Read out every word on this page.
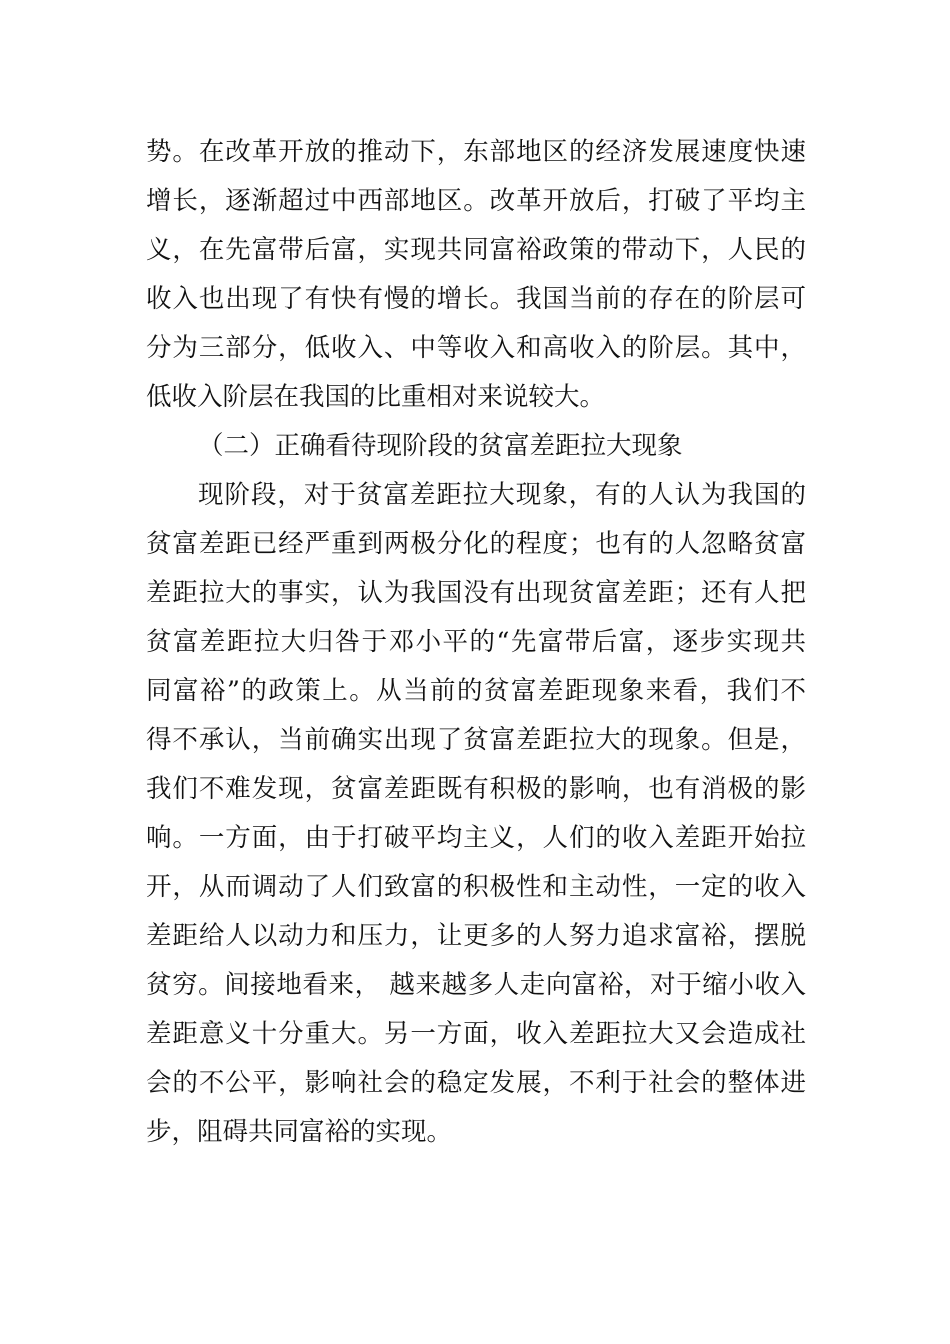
势。在改革开放的推动下，东部地区的经济发展速度快速
增长，逐渐超过中西部地区。改革开放后，打破了平均主
义，在先富带后富，实现共同富裕政策的带动下，人民的
收入也出现了有快有慢的增长。我国当前的存在的阶层可
分为三部分，低收入、中等收入和高收入的阶层。其中，
低收入阶层在我国的比重相对来说较大。
（二）正确看待现阶段的贫富差距拉大现象
现阶段，对于贫富差距拉大现象，有的人认为我国的
贫富差距已经严重到两极分化的程度；也有的人忽略贫富
差距拉大的事实，认为我国没有出现贫富差距；还有人把
贫富差距拉大归咎于邓小平的“先富带后富，逐步实现共
同富裕”的政策上。从当前的贫富差距现象来看，我们不
得不承认，当前确实出现了贫富差距拉大的现象。但是，
我们不难发现，贫富差距既有积极的影响，也有消极的影
响。一方面，由于打破平均主义，人们的收入差距开始拉
开，从而调动了人们致富的积极性和主动性，一定的收入
差距给人以动力和压力，让更多的人努力追求富裕，摆脱
贫穷。间接地看来， 越来越多人走向富裕，对于缩小收入
差距意义十分重大。另一方面，收入差距拉大又会造成社
会的不公平，影响社会的稳定发展，不利于社会的整体进
步，阻碍共同富裕的实现。
